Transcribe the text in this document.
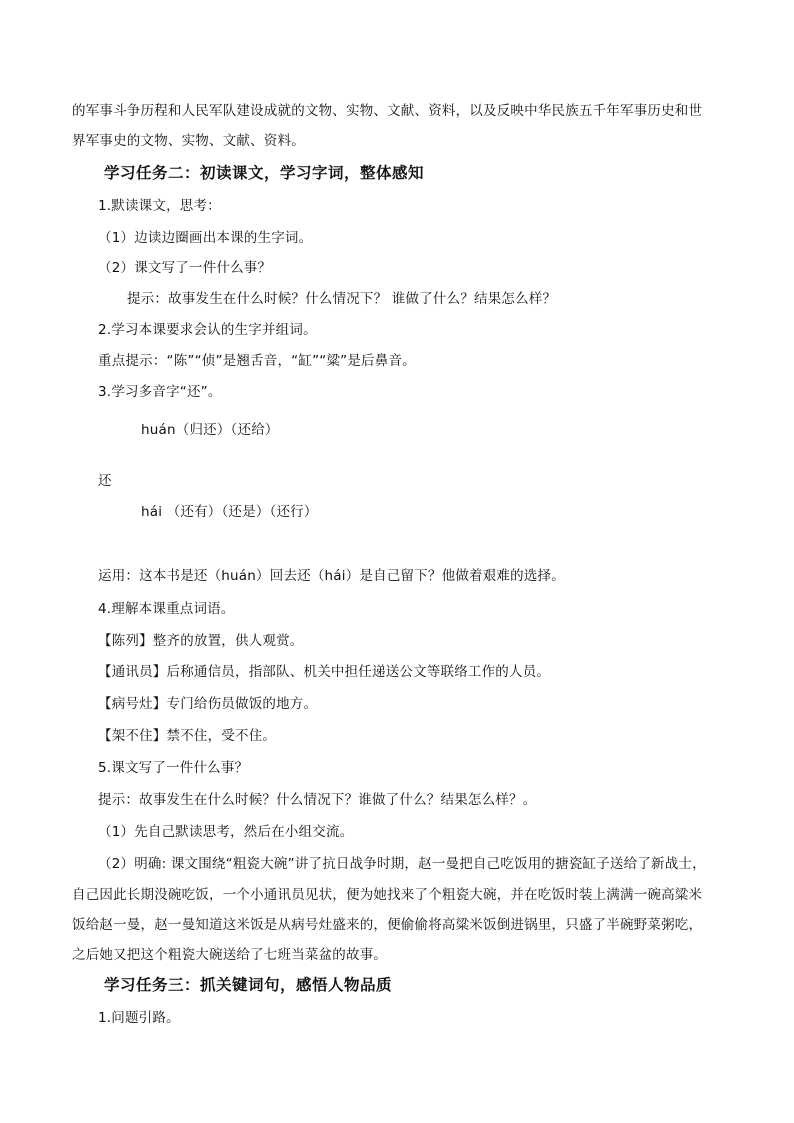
的军事斗争历程和人民军队建设成就的文物、实物、文献、资料，以及反映中华民族五千年军事历史和世
界军事史的文物、实物、文献、资料。
学习任务二：初读课文，学习字词，整体感知
1.默读课文，思考：
（1）边读边圈画出本课的生字词。
（2）课文写了一件什么事？
提示：故事发生在什么时候？什么情况下？ 谁做了什么？结果怎么样？
2.学习本课要求会认的生字并组词。
重点提示：“陈”“侦”是翘舌音，“缸”“粱”是后鼻音。
3.学习多音字“还”。
huán（归还）（还给）
还
hái （还有）（还是）（还行）
运用：这本书是还（huán）回去还（hái）是自己留下？他做着艰难的选择。
4.理解本课重点词语。
【陈列】整齐的放置，供人观赏。
【通讯员】后称通信员，指部队、机关中担任递送公文等联络工作的人员。
【病号灶】专门给伤员做饭的地方。
【架不住】禁不住，受不住。
5.课文写了一件什么事？
提示：故事发生在什么时候？什么情况下？谁做了什么？结果怎么样？。
（1）先自己默读思考，然后在小组交流。
（2）明确: 课文围绕“粗瓷大碗”讲了抗日战争时期，赵一曼把自己吃饭用的搪瓷缸子送给了新战士，
自己因此长期没碗吃饭，一个小通讯员见状，便为她找来了个粗瓷大碗，并在吃饭时装上满满一碗高粱米
饭给赵一曼，赵一曼知道这米饭是从病号灶盛来的，便偷偷将高粱米饭倒进锅里，只盛了半碗野菜粥吃，
之后她又把这个粗瓷大碗送给了七班当菜盆的故事。
学习任务三：抓关键词句，感悟人物品质
1.问题引路。
